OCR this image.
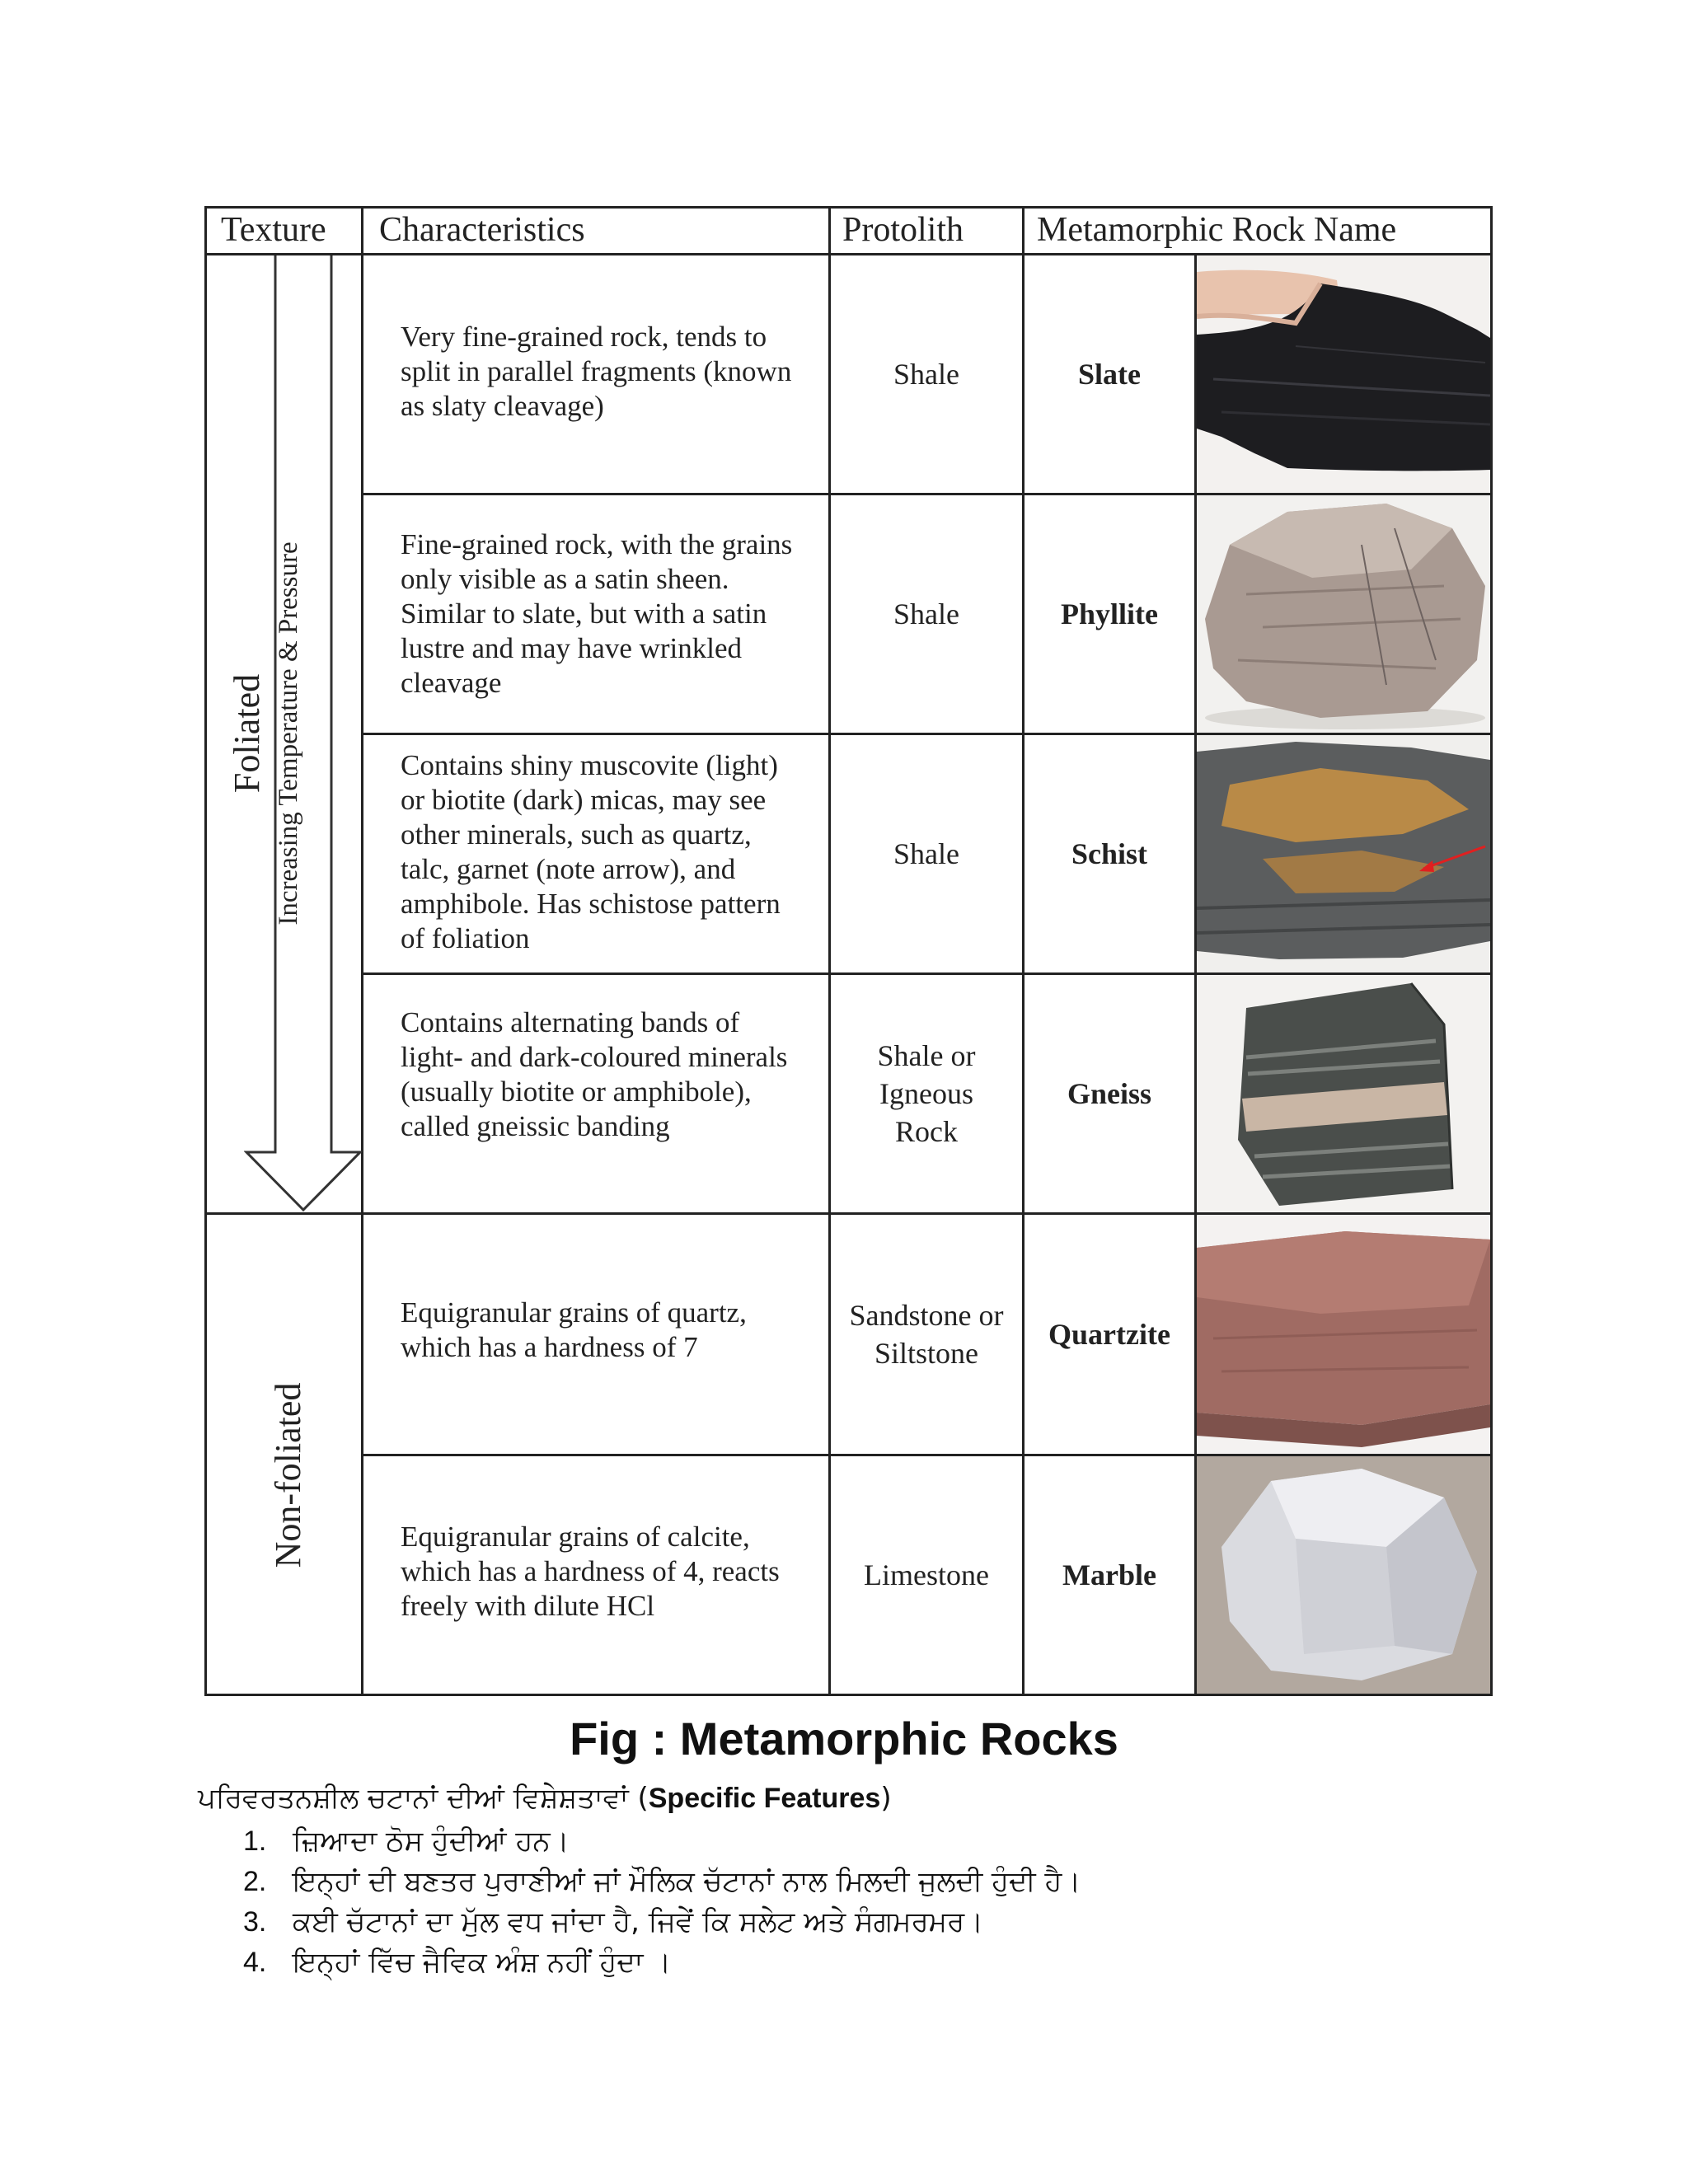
Texture Characteristics	Protolith Metamorphic Rock Name
Foliated
Non-foliated
Increasing Temperature & Pressure
Very fine-grained rock, tends to split in parallel fragments (known as slaty cleavage)
Fine-grained rock, with the grains only visible as a satin sheen. Similar to slate, but with a satin lustre and may have wrinkled cleavage
Contains shiny muscovite (light) or biotite (dark) micas, may see other minerals, such as quartz, talc, garnet (note arrow), and amphibole. Has schistose pattern of foliation
Contains alternating bands of light- and dark-coloured minerals (usually biotite or amphibole), called gneissic banding
Equigranular grains of quartz, which has a hardness of 7
Equigranular grains of calcite, which has a hardness of 4, reacts freely with dilute HCl
Shale
Shale
Shale
Shale or Igneous Rock
Sandstone or Siltstone
Limestone
Slate
Phyllite
Schist
Gneiss
Quartzite
Marble
Fig : Metamorphic Rocks
ਪਰਿਵਰਤਨਸ਼ੀਲ ਚਟਾਨਾਂ ਦੀਆਂ ਵਿਸ਼ੇਸ਼ਤਾਵਾਂ (Specific Features)
1. ਜ਼ਿਆਦਾ ਠੋਸ ਹੁੰਦੀਆਂ ਹਨ।
2. ਇਨ੍ਹਾਂ ਦੀ ਬਣਤਰ ਪੁਰਾਣੀਆਂ ਜਾਂ ਮੌਲਿਕ ਚੱਟਾਨਾਂ ਨਾਲ ਮਿਲਦੀ ਜੁਲਦੀ ਹੁੰਦੀ ਹੈ।
3. ਕਈ ਚੱਟਾਨਾਂ ਦਾ ਮੁੱਲ ਵਧ ਜਾਂਦਾ ਹੈ, ਜਿਵੇਂ ਕਿ ਸਲੇਟ ਅਤੇ ਸੰਗਮਰਮਰ।
4. ਇਨ੍ਹਾਂ ਵਿੱਚ ਜੈਵਿਕ ਅੰਸ਼ ਨਹੀਂ ਹੁੰਦਾ ।
